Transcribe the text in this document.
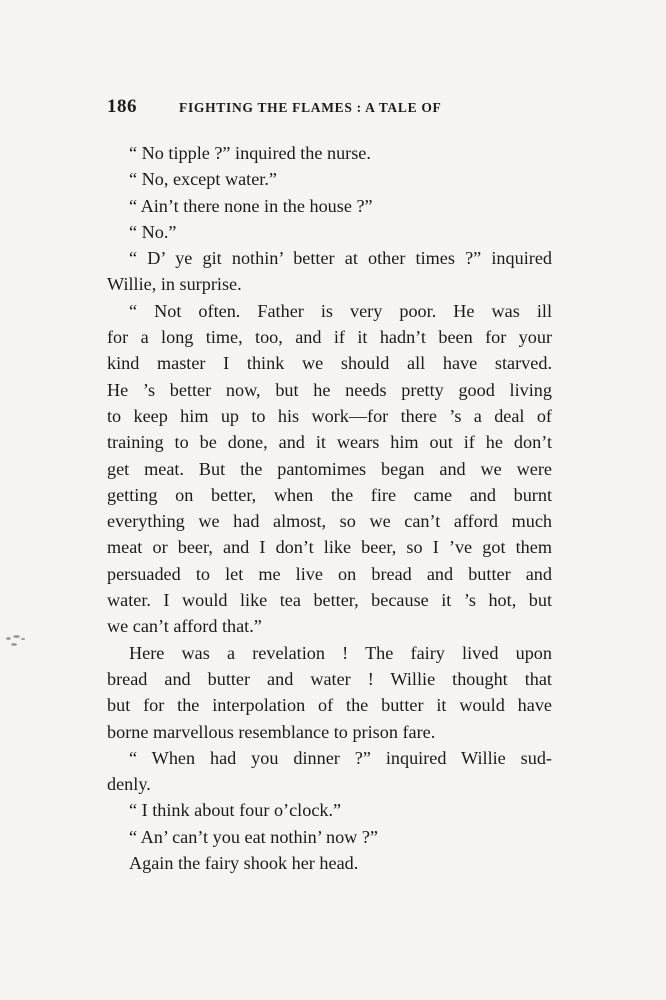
186	FIGHTING THE FLAMES : A TALE OF
“ No tipple ?” inquired the nurse.
“ No, except water.”
“ Ain’t there none in the house ?”
“ No.”
“ D’ ye git nothin’ better at other times ?” inquired
Willie, in surprise.
“ Not often. Father is very poor. He was ill
for a long time, too, and if it hadn’t been for your
kind master I think we should all have starved.
He ’s better now, but he needs pretty good living
to keep him up to his work—for there ’s a deal of
training to be done, and it wears him out if he don’t
get meat. But the pantomimes began and we were
getting on better, when the fire came and burnt
everything we had almost, so we can’t afford much
meat or beer, and I don’t like beer, so I ’ve got them
persuaded to let me live on bread and butter and
water. I would like tea better, because it ’s hot, but
we can’t afford that.”
Here was a revelation ! The fairy lived upon
bread and butter and water ! Willie thought that
but for the interpolation of the butter it would have
borne marvellous resemblance to prison fare.
“ When had you dinner ?” inquired Willie sud-
denly.
“ I think about four o’clock.”
“ An’ can’t you eat nothin’ now ?”
Again the fairy shook her head.
